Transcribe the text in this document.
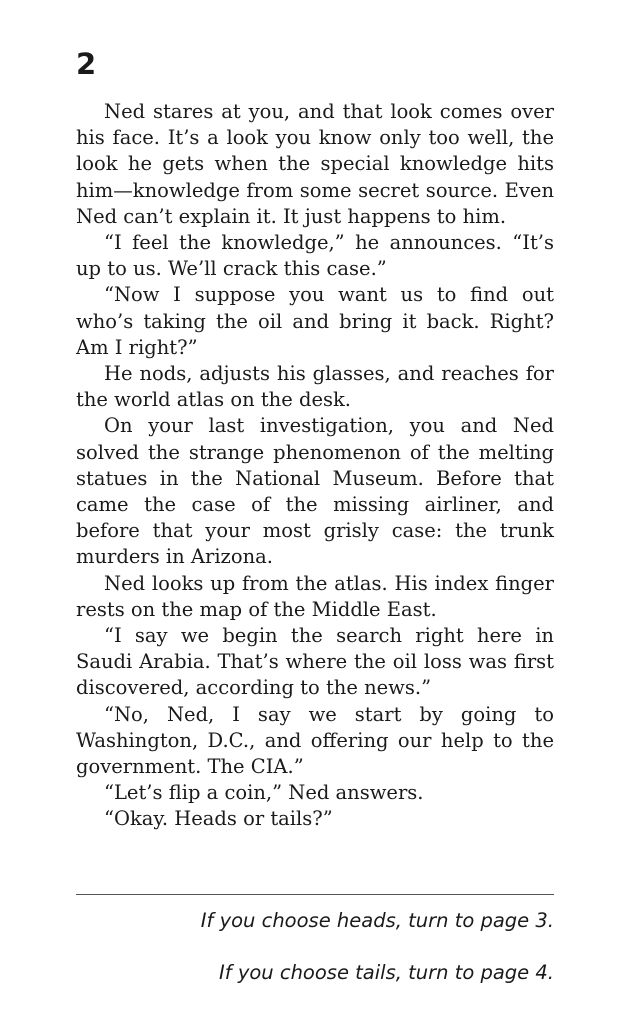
2

Ned stares at you, and that look comes over his face. It’s a look you know only too well, the look he gets when the special knowledge hits him—knowledge from some secret source. Even Ned can’t explain it. It just happens to him.

“I feel the knowledge,” he announces. “It’s up to us. We’ll crack this case.”

“Now I suppose you want us to find out who’s taking the oil and bring it back. Right? Am I right?”

He nods, adjusts his glasses, and reaches for the world atlas on the desk.

On your last investigation, you and Ned solved the strange phenomenon of the melting statues in the National Museum. Before that came the case of the missing airliner, and before that your most grisly case: the trunk murders in Arizona.

Ned looks up from the atlas. His index finger rests on the map of the Middle East.

“I say we begin the search right here in Saudi Arabia. That’s where the oil loss was first discovered, according to the news.”

“No, Ned, I say we start by going to Washington, D.C., and offering our help to the government. The CIA.”

“Let’s flip a coin,” Ned answers.

“Okay. Heads or tails?”

If you choose heads, turn to page 3.

If you choose tails, turn to page 4.
